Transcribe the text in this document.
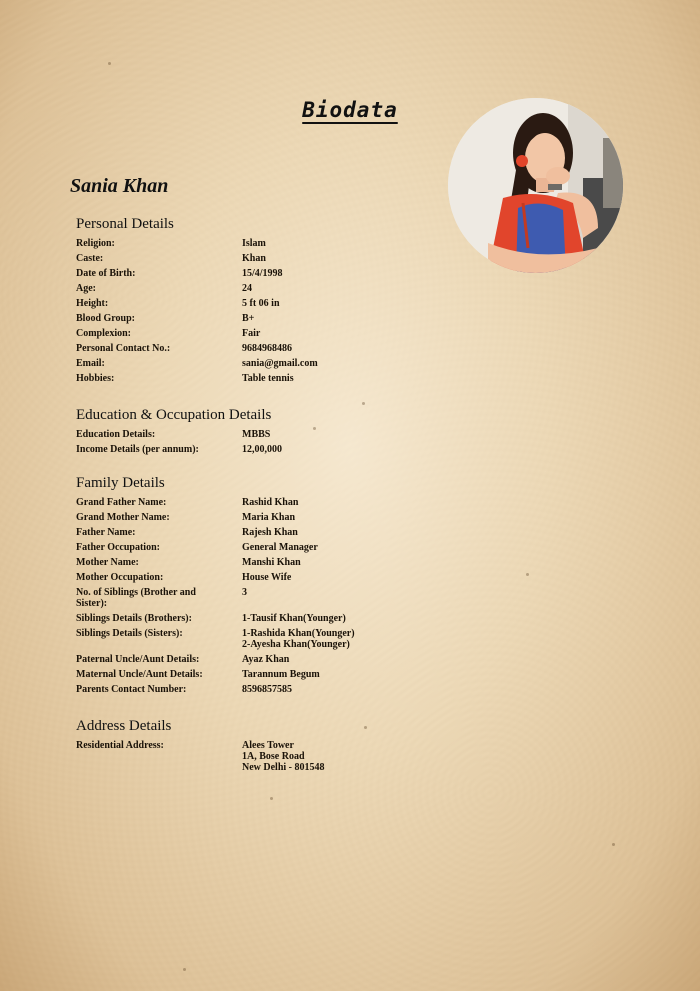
Biodata
Sania Khan
Personal Details
Religion:	Islam
Caste:	Khan
Date of Birth:	15/4/1998
Age:	24
Height:	5 ft 06 in
Blood Group:	B+
Complexion:	Fair
Personal Contact No.:	9684968486
Email:	sania@gmail.com
Hobbies:	Table tennis
Education & Occupation Details
Education Details:	MBBS
Income Details (per annum):	12,00,000
Family Details
Grand Father Name:	Rashid Khan
Grand Mother Name:	Maria Khan
Father Name:	Rajesh Khan
Father Occupation:	General Manager
Mother Name:	Manshi Khan
Mother Occupation:	House Wife
No. of Siblings (Brother and Sister):
3
Siblings Details (Brothers):	1-Tausif Khan(Younger)
Siblings Details (Sisters):	1-Rashida Khan(Younger)
2-Ayesha Khan(Younger)
Paternal Uncle/Aunt Details:	Ayaz Khan
Maternal Uncle/Aunt Details:	Tarannum Begum
Parents Contact Number:	8596857585
Address Details
Residential Address:	Alees Tower
1A, Bose Road
New Delhi - 801548
